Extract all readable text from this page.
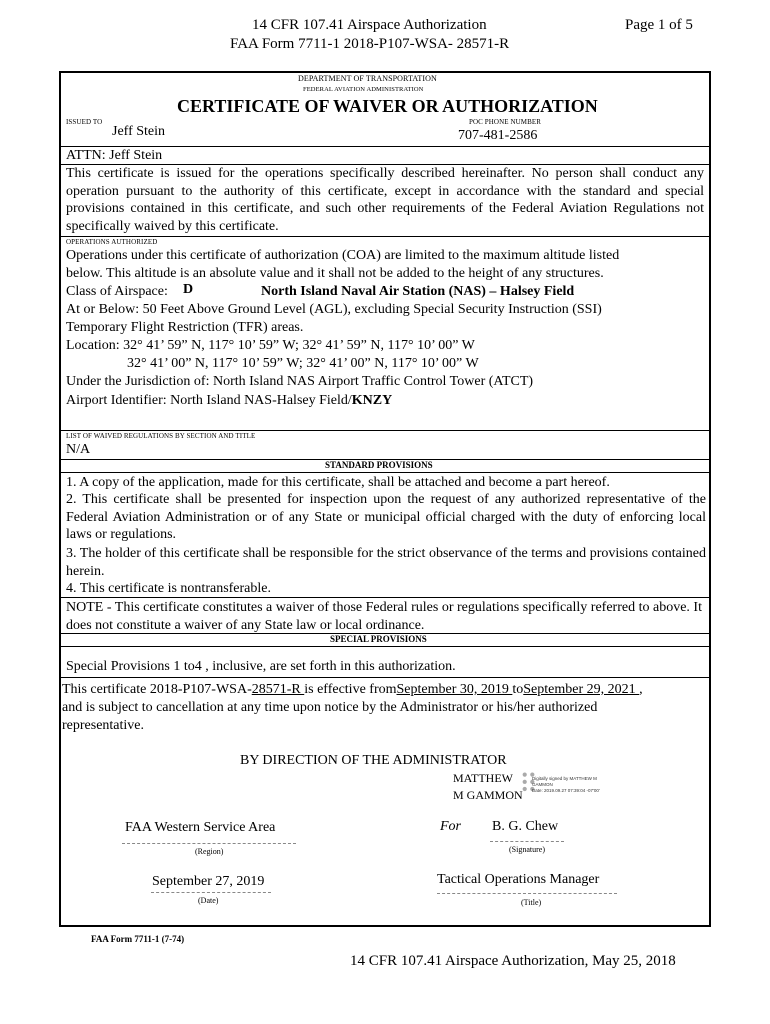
14 CFR 107.41 Airspace Authorization
FAA Form 7711-1 2018-P107-WSA- 28571-R
Page 1 of 5
DEPARTMENT OF TRANSPORTATION
FEDERAL AVIATION ADMINISTRATION
CERTIFICATE OF WAIVER OR AUTHORIZATION
ISSUED TO
Jeff Stein
POC PHONE NUMBER
707-481-2586
ATTN: Jeff Stein
This certificate is issued for the operations specifically described hereinafter. No person shall conduct any operation pursuant to the authority of this certificate, except in accordance with the standard and special provisions contained in this certificate, and such other requirements of the Federal Aviation Regulations not specifically waived by this certificate.
OPERATIONS AUTHORIZED
Operations under this certificate of authorization (COA) are limited to the maximum altitude listed
below. This altitude is an absolute value and it shall not be added to the height of any structures.
Class of Airspace: D	North Island Naval Air Station (NAS) – Halsey Field
At or Below: 50 Feet Above Ground Level (AGL), excluding Special Security Instruction (SSI)
Temporary Flight Restriction (TFR) areas.
Location: 32° 41’ 59” N, 117° 10’ 59” W; 32° 41’ 59” N, 117° 10’ 00” W
32° 41’ 00” N, 117° 10’ 59” W; 32° 41’ 00” N, 117° 10’ 00” W
Under the Jurisdiction of: North Island NAS Airport Traffic Control Tower (ATCT)
Airport Identifier: North Island NAS-Halsey Field/KNZY
LIST OF WAIVED REGULATIONS BY SECTION AND TITLE
N/A
STANDARD PROVISIONS
1. A copy of the application, made for this certificate, shall be attached and become a part hereof.
2. This certificate shall be presented for inspection upon the request of any authorized representative of the Federal Aviation Administration or of any State or municipal official charged with the duty of enforcing local laws or regulations.
3. The holder of this certificate shall be responsible for the strict observance of the terms and provisions contained herein.
4. This certificate is nontransferable.
NOTE - This certificate constitutes a waiver of those Federal rules or regulations specifically referred to above. It does not constitute a waiver of any State law or local ordinance.
SPECIAL PROVISIONS
Special Provisions 1 to4 , inclusive, are set forth in this authorization.
This certificate 2018-P107-WSA-28571-R is effective fromSeptember 30, 2019 toSeptember 29, 2021 ,
and is subject to cancellation at any time upon notice by the Administrator or his/her authorized
representative.
BY DIRECTION OF THE ADMINISTRATOR
MATTHEW
M GAMMON
⠿
Digitally signed by MATTHEW M
GAMMON
Date: 2019.09.27 07:39:04 -07'00'
FAA Western Service Area
(Region)
For B. G. Chew
(Signature)
September 27, 2019
(Date)
Tactical Operations Manager
(Title)
FAA Form 7711-1 (7-74)
14 CFR 107.41 Airspace Authorization, May 25, 2018
